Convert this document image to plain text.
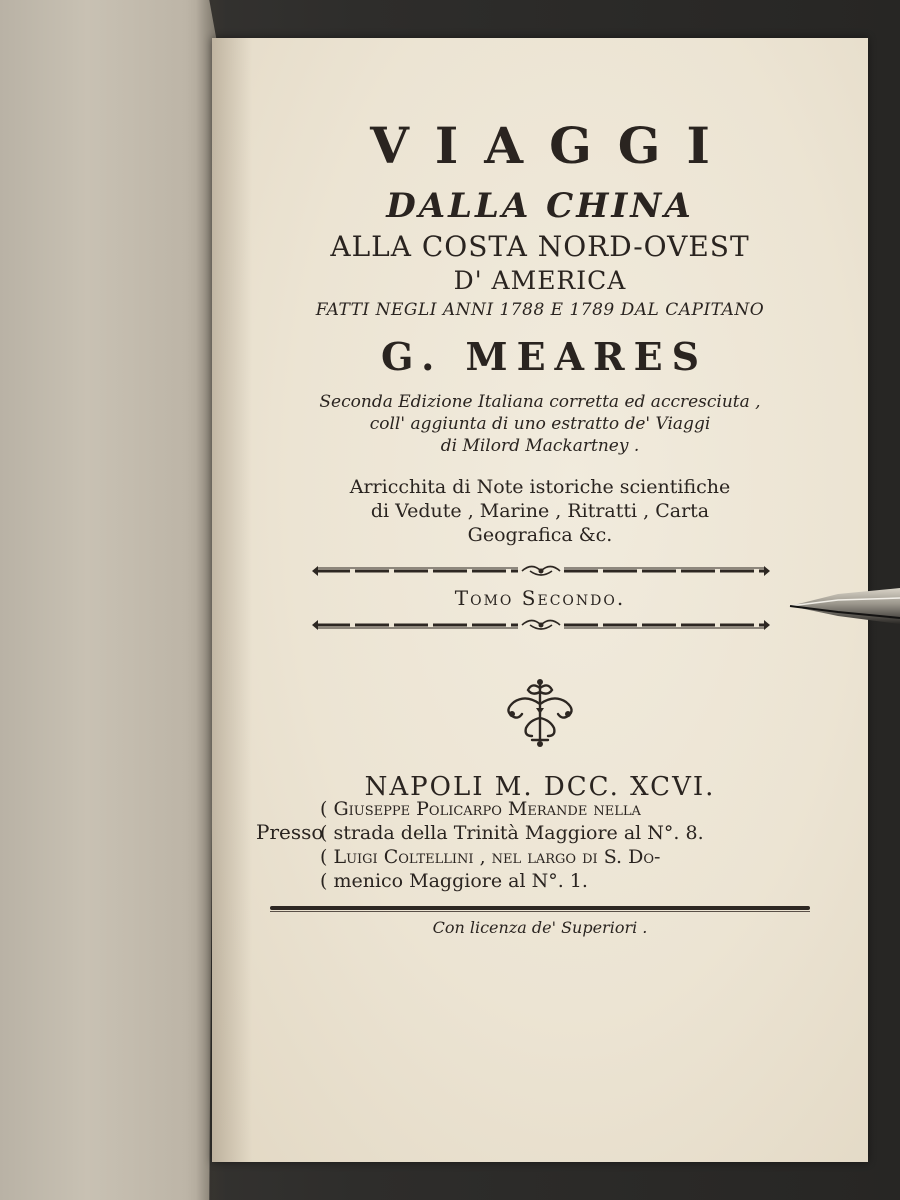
VIAGGI
DALLA CHINA
ALLA COSTA NORD-OVEST
D' AMERICA
FATTI NEGLI ANNI 1788 E 1789 DAL CAPITANO
G. MEARES
Seconda Edizione Italiana corretta ed accresciuta ,
coll' aggiunta di uno estratto de' Viaggi
di Milord Mackartney .
Arricchita di Note istoriche scientifiche
di Vedute , Marine , Ritratti , Carta
Geografica &c.
Tomo Secondo.
NAPOLI M. DCC. XCVI.
Presso
( Giuseppe Policarpo Merande nella
( strada della Trinità Maggiore al N°. 8.
( Luigi Coltellini , nel largo di S. Do-
( menico Maggiore al N°. 1.
Con licenza de' Superiori .
